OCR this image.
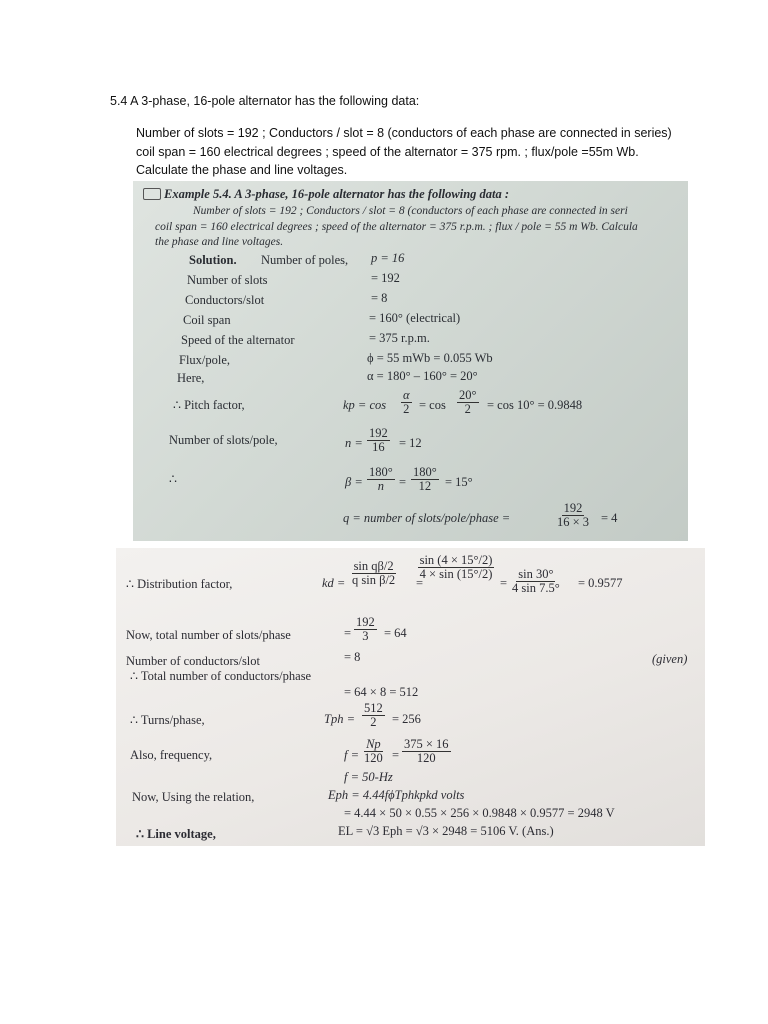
5.4 A 3-phase, 16-pole alternator has the following data:
Number of slots = 192 ; Conductors / slot = 8 (conductors of each phase are connected in series)
coil span = 160 electrical degrees ; speed of the alternator = 375 rpm. ; flux/pole =55m Wb.
Calculate the phase and line voltages.
Example 5.4. A 3-phase, 16-pole alternator has the following data :
Number of slots = 192 ; Conductors / slot = 8 (conductors of each phase are connected in seri
coil span = 160 electrical degrees ; speed of the alternator = 375 r.p.m. ; flux / pole = 55 m Wb. Calcula
the phase and line voltages.
Solution. Number of poles, p = 16
Number of slots	= 192
Conductors/slot	= 8
Coil span	= 160° (electrical)
Speed of the alternator	= 375 r.p.m.
Flux/pole,	ϕ = 55 mWb = 0.055 Wb
Here,	α = 180° – 160° = 20°
∴ Pitch factor,	kp = $\cos \frac{\alpha}{2} = \cos \frac{20^\circ}{2} = \cos 10^\circ = 0.9848$
Number of slots/pole,	$n = \frac{192}{16} = 12$
∴	$\beta = \frac{180^\circ}{n} = \frac{180^\circ}{12} = 15^\circ$
q = number of slots/pole/phase =	$\frac{192}{16 \times 3} = 4$
∴ Distribution factor,	kd = $\frac{\text{sin qβ/2}}{\text{q sin β/2}}$ =
$\frac{\sin (4 \times 15^\circ/2)}{4 \times \sin (15^\circ/2)}$
= $\frac{\sin 30^\circ}{4 \sin 7.5^\circ} = 0.9577$
Now, total number of slots/phase	= $\frac{192}{3} = 64$
Number of conductors/slot	= 8	(given)
∴ Total number of conductors/phase
= 64 × 8 = 512
∴ Turns/phase,	Tph = $\frac{512}{2} = 256$
Also, frequency,	$f = \frac{Np}{120} = \frac{375 \times 16}{120}$
f = 50-Hz
Now, Using the relation,	Eph = 4.44fϕTphkpkd volts
= 4.44 × 50 × 0.55 × 256 × 0.9848 × 0.9577 = 2948 V
∴ Line voltage,	EL = √3 Eph = √3 × 2948 = 5106 V. (Ans.)
